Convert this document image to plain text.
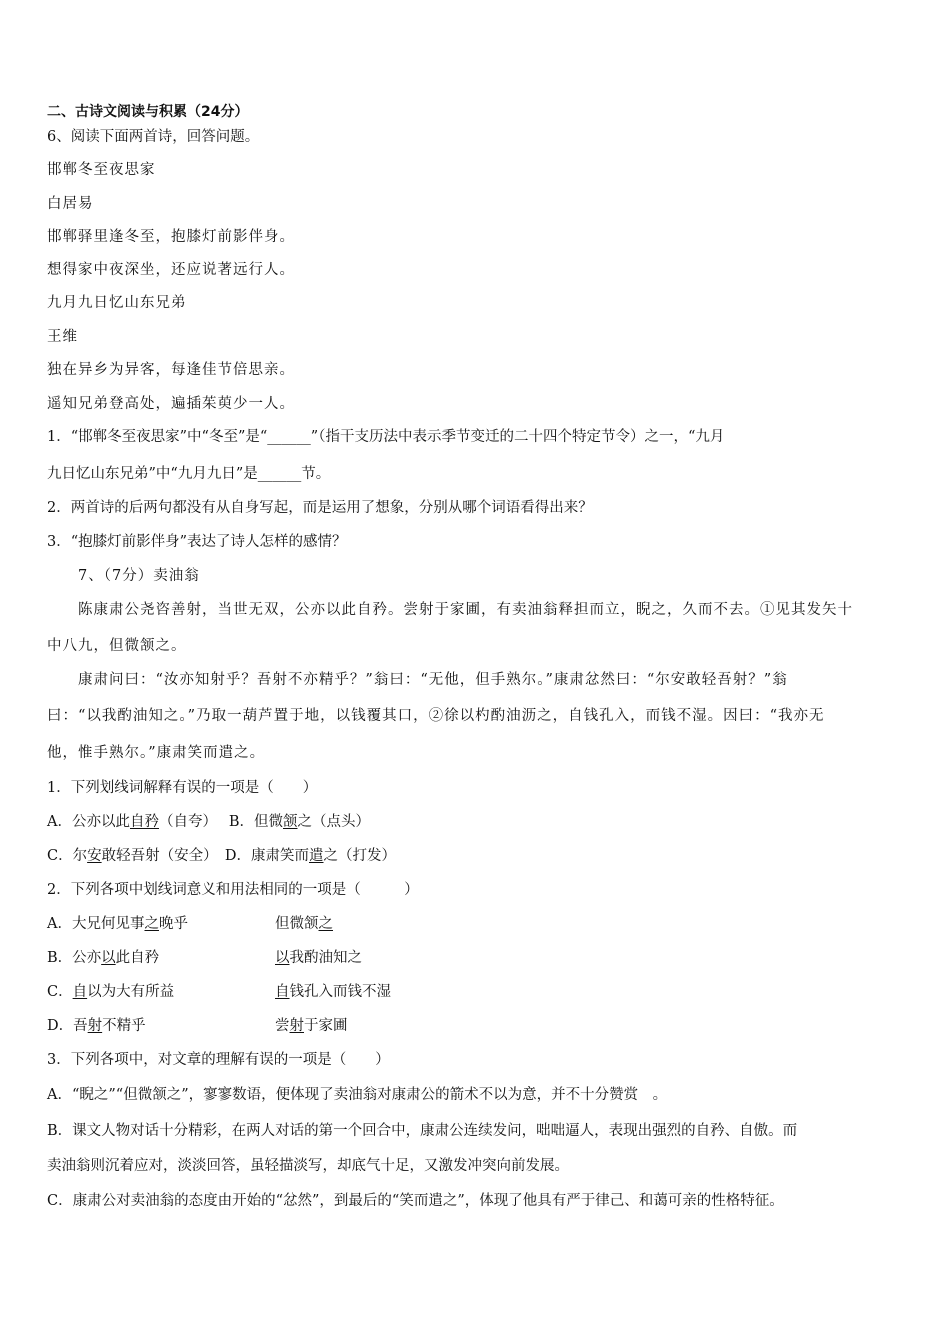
二、古诗文阅读与积累（24分）
6、阅读下面两首诗，回答问题。
邯郸冬至夜思家
白居易
邯郸驿里逢冬至，抱膝灯前影伴身。
想得家中夜深坐，还应说著远行人。
九月九日忆山东兄弟
王维
独在异乡为异客，每逢佳节倍思亲。
遥知兄弟登高处，遍插茱萸少一人。
1．“邯郸冬至夜思家”中“冬至”是“______”（指干支历法中表示季节变迁的二十四个特定节令）之一，“九月
九日忆山东兄弟”中“九月九日”是______节。
2．两首诗的后两句都没有从自身写起，而是运用了想象，分别从哪个词语看得出来？
3．“抱膝灯前影伴身”表达了诗人怎样的感情？
7、（7分）卖油翁
陈康肃公尧咨善射，当世无双，公亦以此自矜。尝射于家圃，有卖油翁释担而立，睨之，久而不去。①见其发矢十
中八九，但微颔之。
康肃问曰：“汝亦知射乎？吾射不亦精乎？”翁曰：“无他，但手熟尔。”康肃忿然曰：“尔安敢轻吾射？”翁
曰：“以我酌油知之。”乃取一葫芦置于地，以钱覆其口，②徐以杓酌油沥之，自钱孔入，而钱不湿。因曰：“我亦无
他，惟手熟尔。”康肃笑而遣之。
1．下列划线词解释有误的一项是（　　）
A．公亦以此自矜（自夸）　 B．但微颔之（点头）
C．尔安敢轻吾射（安全）　 D．康肃笑而遣之（打发）
2．下列各项中划线词意义和用法相同的一项是（　　　）
A．大兄何见事之晚乎	但微颔之
B．公亦以此自矜	以我酌油知之
C．自以为大有所益	自钱孔入而钱不湿
D．吾射不精乎	尝射于家圃
3．下列各项中，对文章的理解有误的一项是（　　）
A．“睨之”“但微颔之”，寥寥数语，便体现了卖油翁对康肃公的箭术不以为意，并不十分赞赏　。
B．课文人物对话十分精彩，在两人对话的第一个回合中，康肃公连续发问，咄咄逼人，表现出强烈的自矜、自傲。而
卖油翁则沉着应对，淡淡回答，虽轻描淡写，却底气十足，又激发冲突向前发展。
C．康肃公对卖油翁的态度由开始的“忿然”，到最后的“笑而遣之”，体现了他具有严于律己、和蔼可亲的性格特征。
